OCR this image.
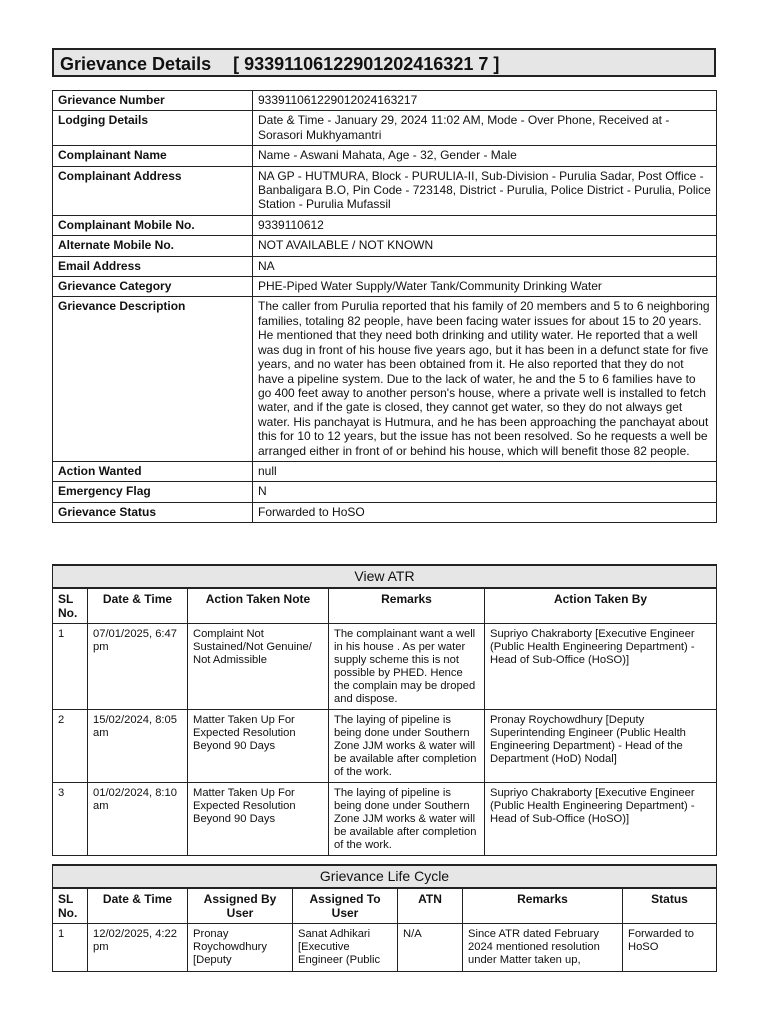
Grievance Details [ 93391106122901202416321 7 ]
Grievance Number	933911061229012024163217
Lodging Details	Date & Time - January 29, 2024 11:02 AM, Mode - Over Phone, Received at - Sorasori Mukhyamantri
Complainant Name	Name - Aswani Mahata, Age - 32, Gender - Male
Complainant Address	NA GP - HUTMURA, Block - PURULIA-II, Sub-Division - Purulia Sadar, Post Office - Banbaligara B.O, Pin Code - 723148, District - Purulia, Police District - Purulia, Police Station - Purulia Mufassil
Complainant Mobile No.	9339110612
Alternate Mobile No.	NOT AVAILABLE / NOT KNOWN
Email Address	NA
Grievance Category	PHE-Piped Water Supply/Water Tank/Community Drinking Water
Grievance Description	The caller from Purulia reported that his family of 20 members and 5 to 6 neighboring families, totaling 82 people, have been facing water issues for about 15 to 20 years. He mentioned that they need both drinking and utility water. He reported that a well was dug in front of his house five years ago, but it has been in a defunct state for five years, and no water has been obtained from it. He also reported that they do not have a pipeline system. Due to the lack of water, he and the 5 to 6 families have to go 400 feet away to another person's house, where a private well is installed to fetch water, and if the gate is closed, they cannot get water, so they do not always get water. His panchayat is Hutmura, and he has been approaching the panchayat about this for 10 to 12 years, but the issue has not been resolved. So he requests a well be arranged either in front of or behind his house, which will benefit those 82 people.
Action Wanted	null
Emergency Flag	N
Grievance Status	Forwarded to HoSO
View ATR				
SL No.	Date & Time	Action Taken Note	Remarks	Action Taken By
1	07/01/2025, 6:47 pm	Complaint Not Sustained/Not Genuine/ Not Admissible	The complainant want a well in his house . As per water supply scheme this is not possible by PHED. Hence the complain may be droped and dispose.	Supriyo Chakraborty [Executive Engineer (Public Health Engineering Department) - Head of Sub-Office (HoSO)]
2	15/02/2024, 8:05 am	Matter Taken Up For Expected Resolution Beyond 90 Days	The laying of pipeline is being done under Southern Zone JJM works & water will be available after completion of the work.	Pronay Roychowdhury [Deputy Superintending Engineer (Public Health Engineering Department) - Head of the Department (HoD) Nodal]
3	01/02/2024, 8:10 am	Matter Taken Up For Expected Resolution Beyond 90 Days	The laying of pipeline is being done under Southern Zone JJM works & water will be available after completion of the work.	Supriyo Chakraborty [Executive Engineer (Public Health Engineering Department) - Head of Sub-Office (HoSO)]
Grievance Life Cycle						
SL No.	Date & Time	Assigned By User	Assigned To User	ATN	Remarks	Status

1	12/02/2025, 4:22 pm	Pronay Roychowdhury [Deputy	Sanat Adhikari [Executive Engineer (Public	N/A	Since ATR dated February 2024 mentioned resolution under Matter taken up,	Forwarded to HoSO
